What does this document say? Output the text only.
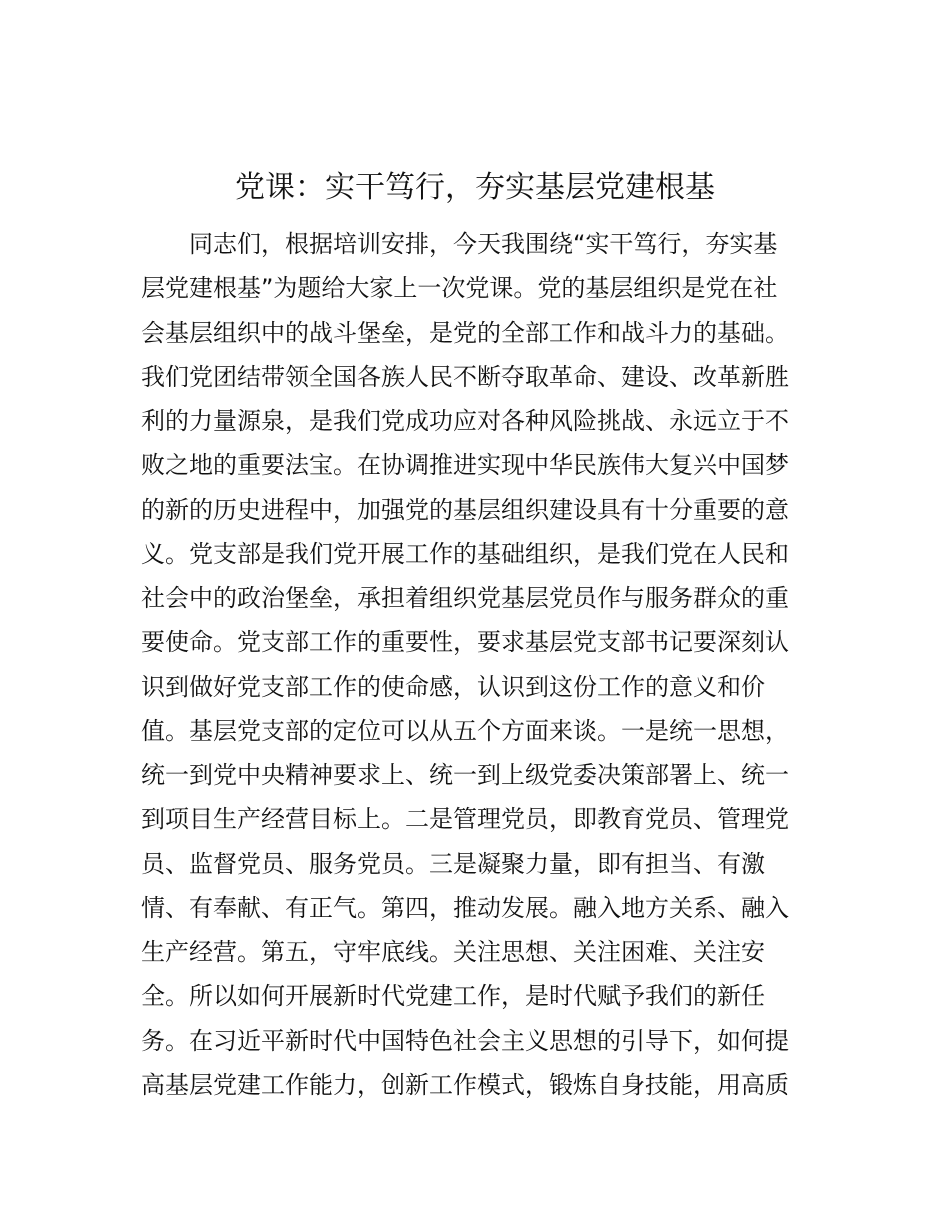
党课：实干笃行，夯实基层党建根基
同志们，根据培训安排，今天我围绕“实干笃行，夯实基
层党建根基”为题给大家上一次党课。党的基层组织是党在社
会基层组织中的战斗堡垒，是党的全部工作和战斗力的基础。
我们党团结带领全国各族人民不断夺取革命、建设、改革新胜
利的力量源泉，是我们党成功应对各种风险挑战、永远立于不
败之地的重要法宝。在协调推进实现中华民族伟大复兴中国梦
的新的历史进程中，加强党的基层组织建设具有十分重要的意
义。党支部是我们党开展工作的基础组织，是我们党在人民和
社会中的政治堡垒，承担着组织党基层党员作与服务群众的重
要使命。党支部工作的重要性，要求基层党支部书记要深刻认
识到做好党支部工作的使命感，认识到这份工作的意义和价
值。基层党支部的定位可以从五个方面来谈。一是统一思想，
统一到党中央精神要求上、统一到上级党委决策部署上、统一
到项目生产经营目标上。二是管理党员，即教育党员、管理党
员、监督党员、服务党员。三是凝聚力量，即有担当、有激
情、有奉献、有正气。第四，推动发展。融入地方关系、融入
生产经营。第五，守牢底线。关注思想、关注困难、关注安
全。所以如何开展新时代党建工作，是时代赋予我们的新任
务。在习近平新时代中国特色社会主义思想的引导下，如何提
高基层党建工作能力，创新工作模式，锻炼自身技能，用高质
